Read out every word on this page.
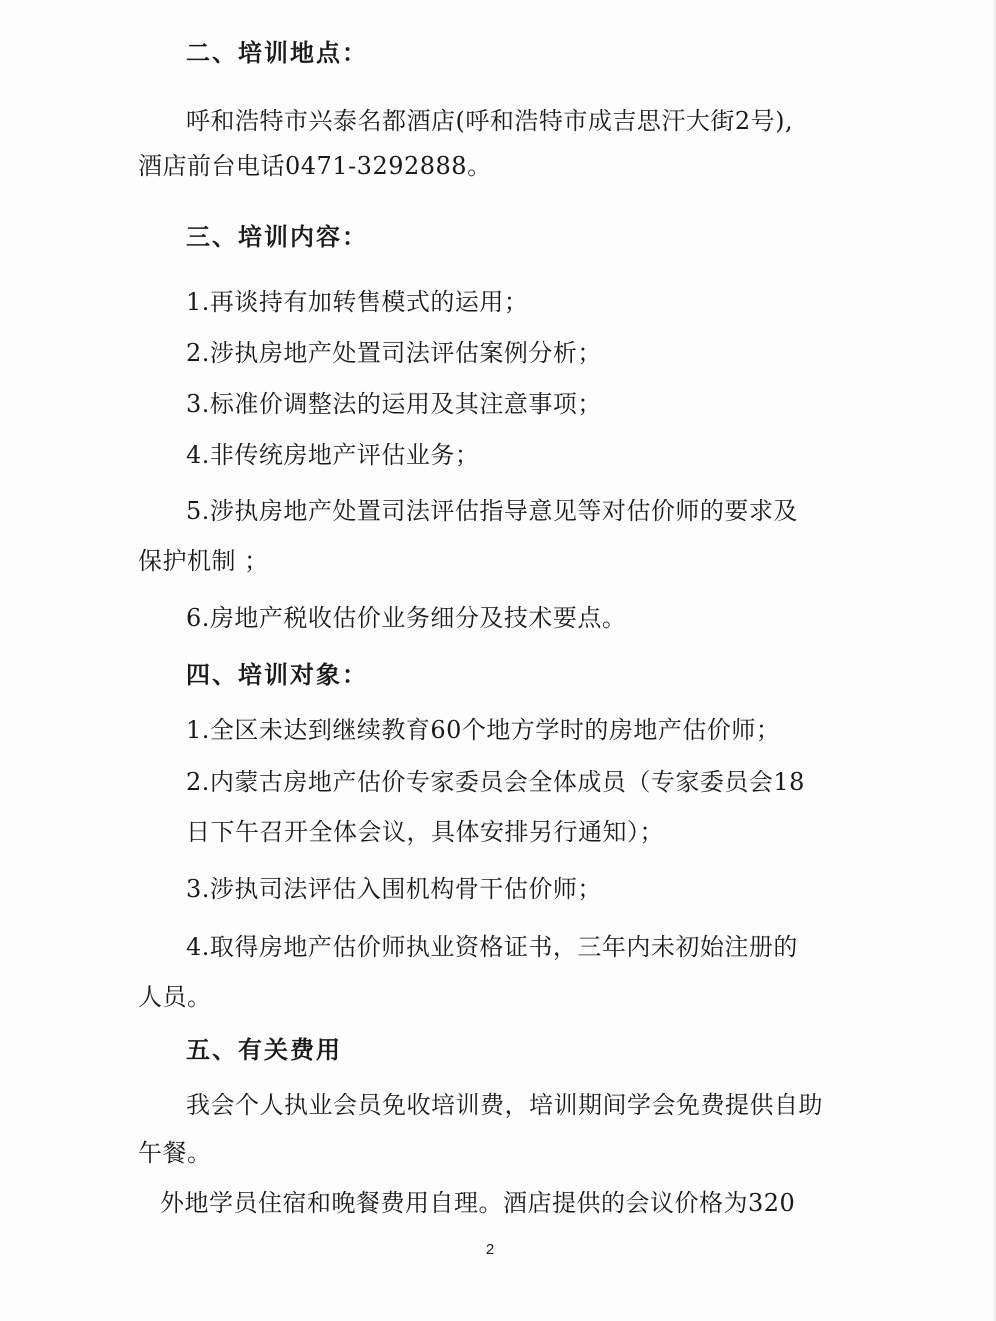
二、培训地点：
呼和浩特市兴泰名都酒店(呼和浩特市成吉思汗大街2号),
酒店前台电话0471-3292888。
三、培训内容：
1.再谈持有加转售模式的运用；
2.涉执房地产处置司法评估案例分析；
3.标准价调整法的运用及其注意事项；
4.非传统房地产评估业务；
5.涉执房地产处置司法评估指导意见等对估价师的要求及
保护机制 ；
6.房地产税收估价业务细分及技术要点。
四、培训对象：
1.全区未达到继续教育60个地方学时的房地产估价师；
2.内蒙古房地产估价专家委员会全体成员（专家委员会18
日下午召开全体会议，具体安排另行通知）；
3.涉执司法评估入围机构骨干估价师；
4.取得房地产估价师执业资格证书，三年内未初始注册的
人员。
五、有关费用
我会个人执业会员免收培训费，培训期间学会免费提供自助
午餐。
外地学员住宿和晚餐费用自理。酒店提供的会议价格为320
2
